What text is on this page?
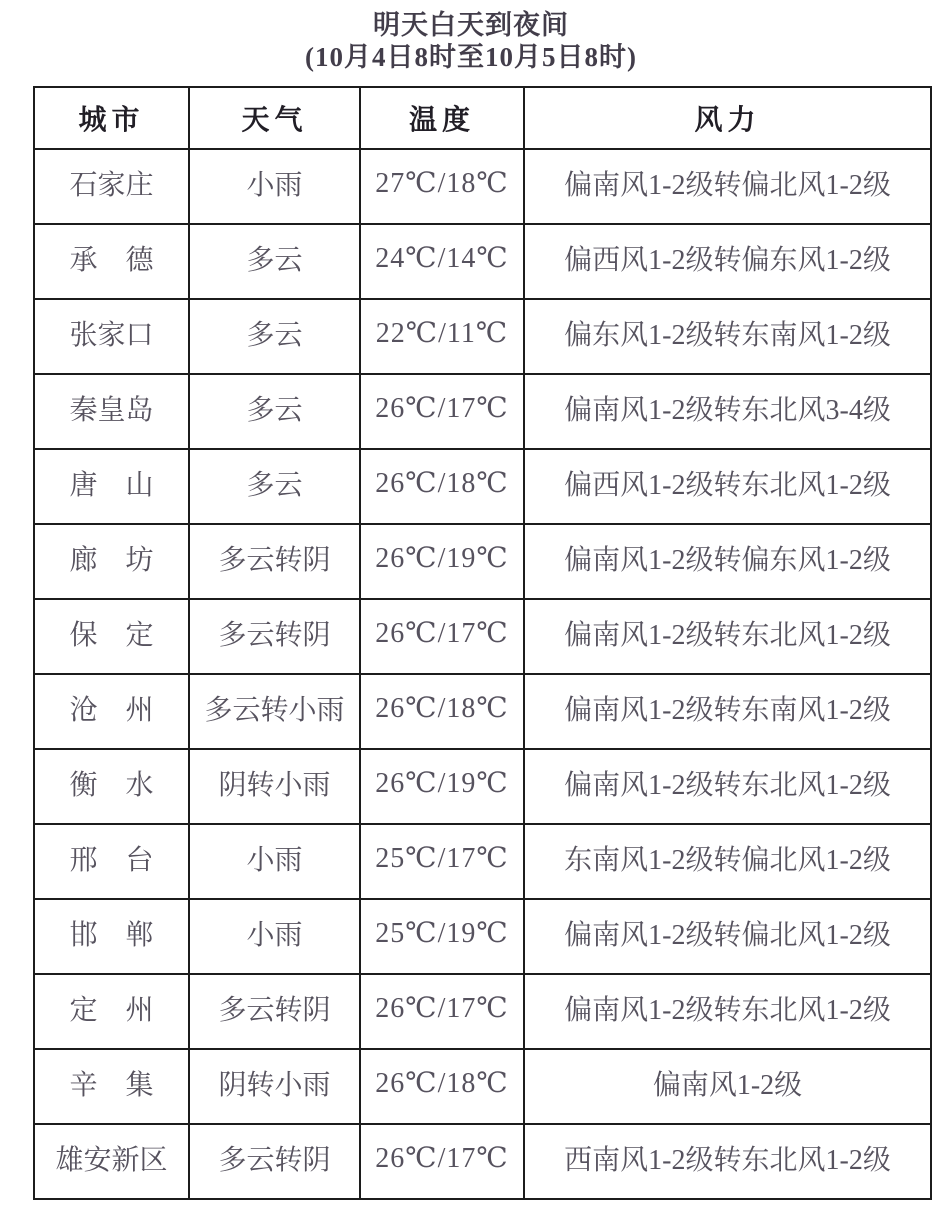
明天白天到夜间
(10月4日8时至10月5日8时)
城市	天气	温度	风力
石家庄	小雨	27℃/18℃	偏南风1-2级转偏北风1-2级
承　德	多云	24℃/14℃	偏西风1-2级转偏东风1-2级
张家口	多云	22℃/11℃	偏东风1-2级转东南风1-2级
秦皇岛	多云	26℃/17℃	偏南风1-2级转东北风3-4级
唐　山	多云	26℃/18℃	偏西风1-2级转东北风1-2级
廊　坊	多云转阴	26℃/19℃	偏南风1-2级转偏东风1-2级
保　定	多云转阴	26℃/17℃	偏南风1-2级转东北风1-2级
沧　州	多云转小雨	26℃/18℃	偏南风1-2级转东南风1-2级
衡　水	阴转小雨	26℃/19℃	偏南风1-2级转东北风1-2级
邢　台	小雨	25℃/17℃	东南风1-2级转偏北风1-2级
邯　郸	小雨	25℃/19℃	偏南风1-2级转偏北风1-2级
定　州	多云转阴	26℃/17℃	偏南风1-2级转东北风1-2级
辛　集	阴转小雨	26℃/18℃	偏南风1-2级
雄安新区	多云转阴	26℃/17℃	西南风1-2级转东北风1-2级
